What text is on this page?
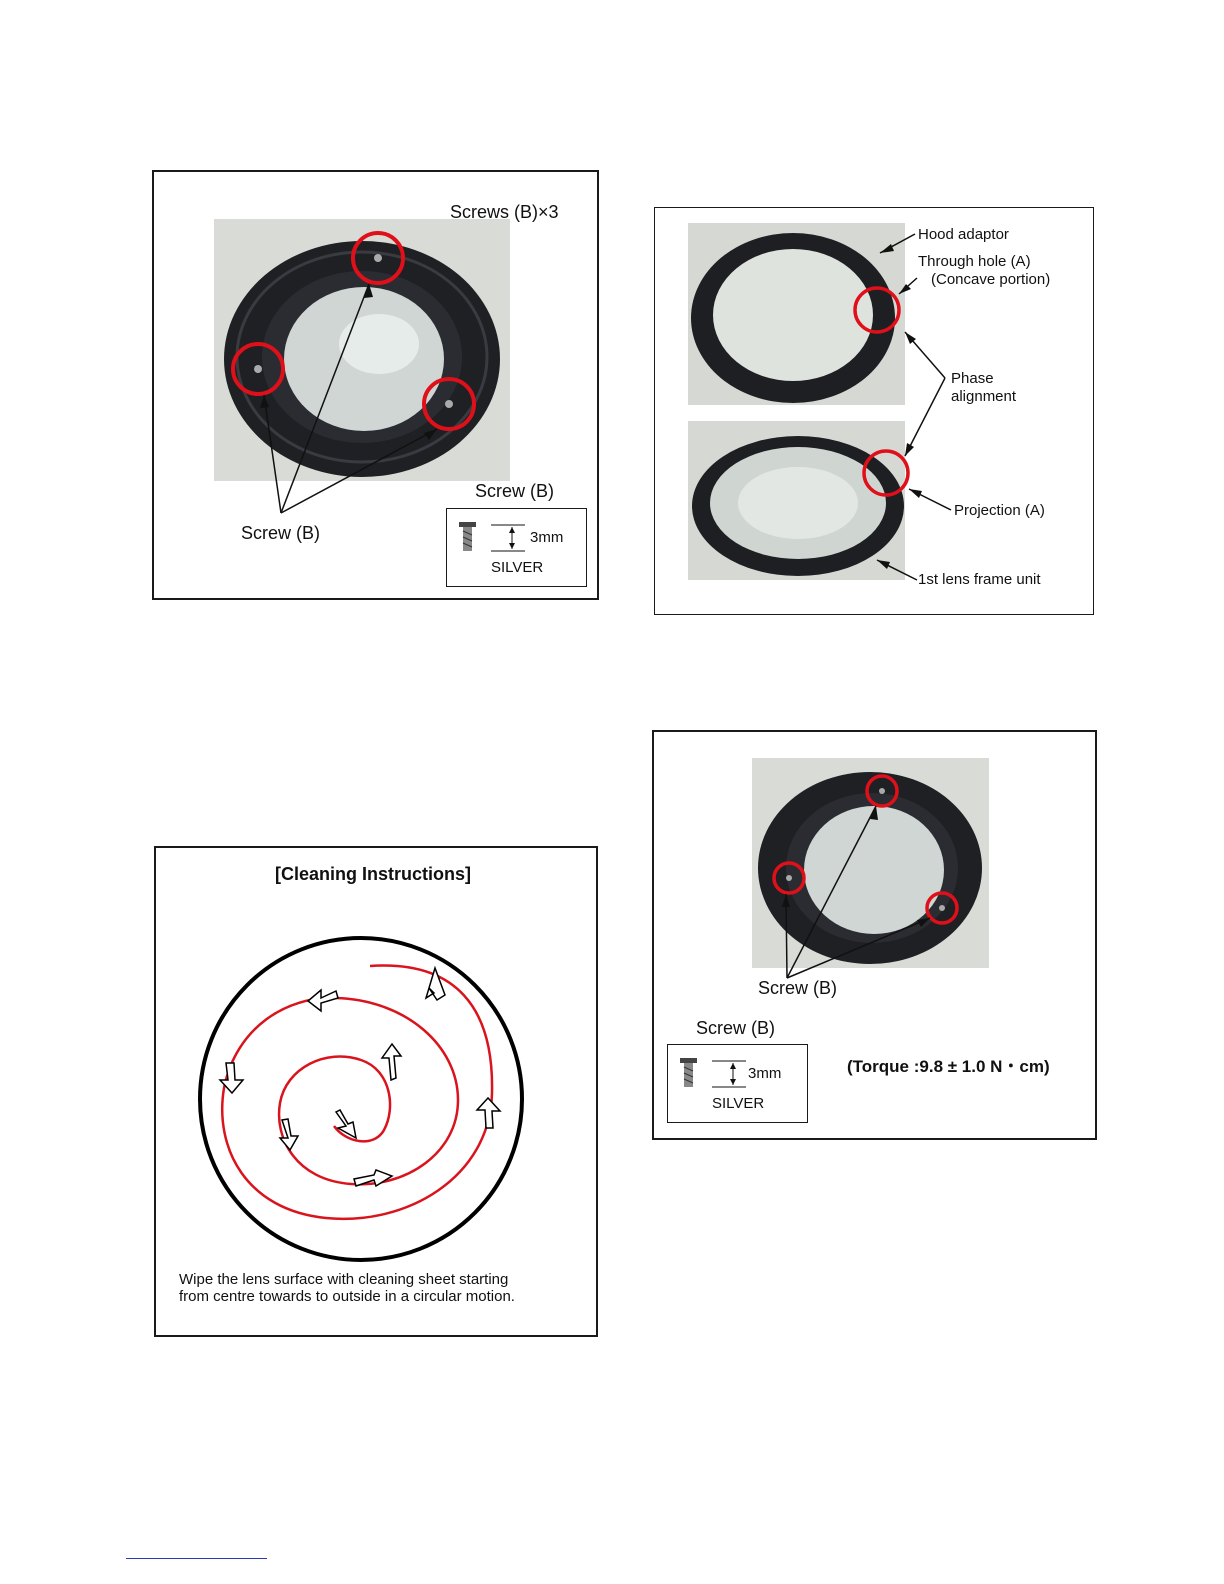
Screws (B)×3
Screw (B)
Screw (B)
3mm
SILVER
Hood adaptor
Through hole (A)
(Concave portion)
Phase
alignment
Projection (A)
1st lens frame unit
[Cleaning Instructions]
Wipe the lens surface with cleaning sheet starting
from centre towards to outside in a circular motion.
Screw (B)
Screw (B)
3mm
SILVER
(Torque :9.8 ± 1.0 N・cm)
